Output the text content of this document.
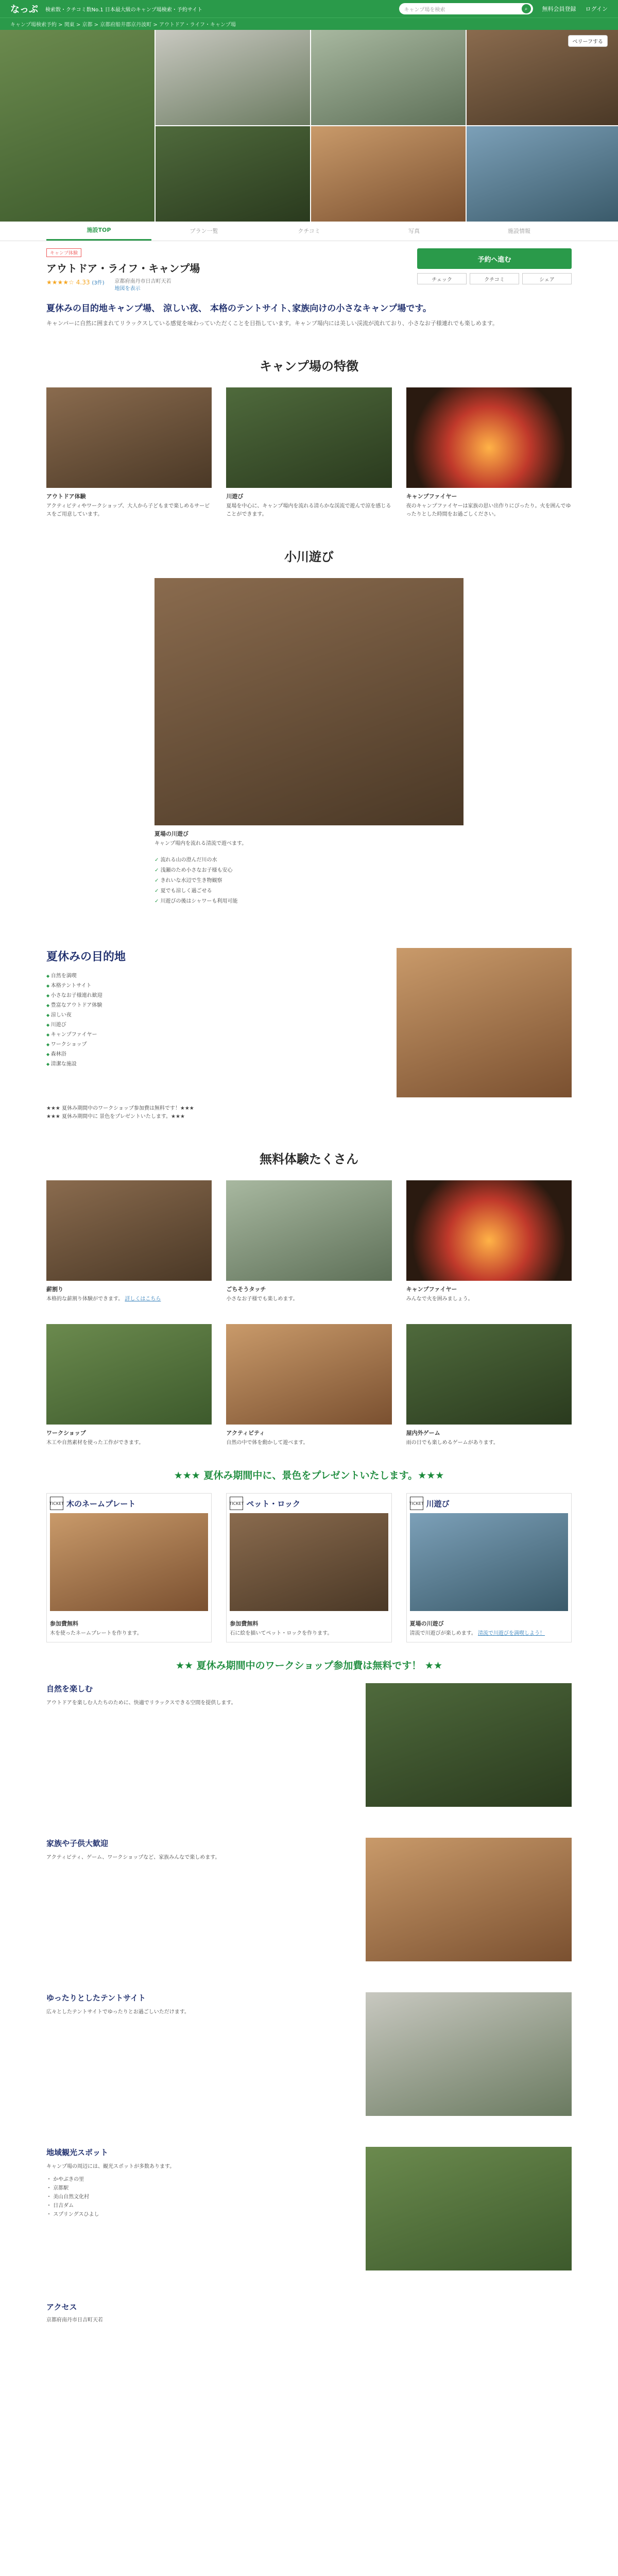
なっぷ 検索数・クチコミ数No.1 日本最大級のキャンプ場検索・予約サイト	キャンプ場を検索	⌕	無料会員登録 ログイン
キャンプ場検索予約 > 関東 > 京都 > 京都府船井郡京丹波町 > アウトドア・ライフ・キャンプ場
ベリーフする
施設TOP	プラン一覧	クチコミ	写真	施設情報
キャンプ体験
アウトドア・ライフ・キャンプ場
★★★★☆ 4.33 (3件) 京都府南丹市日吉町天若
地図を表示
予約へ進む
チェック	クチコミ	シェア
夏休みの目的地キャンプ場、 涼しい夜、 本格のテントサイト､家族向けの小さなキャンプ場です。
キャンパーに自然に囲まれてリラックスしている感覚を味わっていただくことを目指しています。キャンプ場内には美しい渓流が流れており、小さなお子様連れでも楽しめます。
キャンプ場の特徴
アウトドア体験
アクティビティやワークショップ、大人から子どもまで楽しめるサービスをご用意しています。
川遊び
夏場を中心に、キャンプ場内を流れる清らかな渓流で遊んで涼を感じることができます。
キャンプファイヤー
夜のキャンプファイヤーは家族の思い出作りにぴったり。火を囲んでゆったりとした時間をお過ごしください。
小川遊び
夏場の川遊び
キャンプ場内を流れる清流で遊べます。
✓ 流れる山の澄んだ川の水
✓ 浅瀬のため小さなお子様も安心
✓ きれいな水辺で生き物観察
✓ 夏でも涼しく過ごせる
✓ 川遊びの後はシャワーも利用可能
夏休みの目的地
◆ 自然を満喫
◆ 本格テントサイト
◆ 小さなお子様連れ歓迎
◆ 豊富なアウトドア体験
◆ 涼しい夜
◆ 川遊び
◆ キャンプファイヤー
◆ ワークショップ
◆ 森林浴
◆ 清潔な施設
★★★ 夏休み期間中のワークショップ参加費は無料です！★★★
★★★ 夏休み期間中に 景色をプレゼントいたします。★★★
無料体験たくさん
薪割り
本格的な薪割り体験ができます。 詳しくはこちら
ごちそうタッチ
小さなお子様でも楽しめます。
キャンプファイヤー
みんなで火を囲みましょう。
ワークショップ
木工や自然素材を使った工作ができます。
アクティビティ
自然の中で体を動かして遊べます。
屋内外ゲーム
雨の日でも楽しめるゲームがあります。
★★★ 夏休み期間中に、景色をプレゼントいたします。★★★
TICKET 木のネームプレート
参加費無料
木を使ったネームプレートを作ります。
TICKET ペット・ロック
参加費無料
石に絵を描いてペット・ロックを作ります。
TICKET 川遊び
夏場の川遊び
清流で川遊びが楽しめます。 清流で川遊びを満喫しよう！
★★ 夏休み期間中のワークショップ参加費は無料です！ ★★
自然を楽しむ
アウトドアを楽しむ人たちのために、快適でリラックスできる空間を提供します。
家族や子供大歓迎
アクティビティ、ゲーム、ワークショップなど、家族みんなで楽しめます。
ゆったりとしたテントサイト
広々としたテントサイトでゆったりとお過ごしいただけます。
地域観光スポット
キャンプ場の周辺には、観光スポットが多数あります。
・ かやぶきの里
・ 京都駅
・ 美山自然文化村
・ 日吉ダム
・ スプリングスひよし
アクセス
京都府南丹市日吉町天若
